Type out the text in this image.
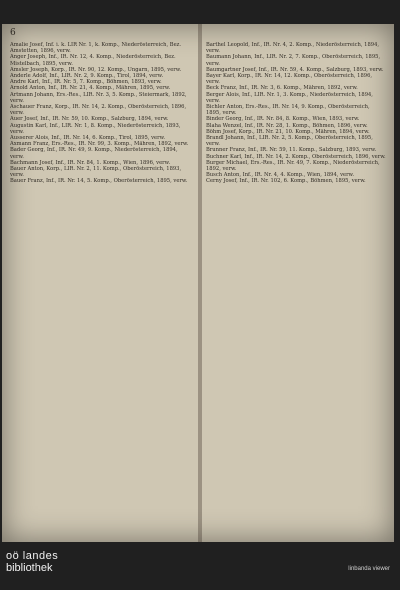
6

Amalie Josef, Inf. i. k. LIR Nr. 1, k. Komp., Niederösterreich, Bez. Amstetten, 1896, verw.

Anger Joseph, Inf., IR. Nr. 12, 4. Komp., Niederösterreich, Bez. Mistelbach, 1895, verw.

Amsler Joseph, Korp., IR. Nr. 90, 12. Komp., Ungarn, 1895, verw.

Anderle Adolf, Inf., LIR. Nr. 2, 9. Komp., Tirol, 1894, verw.

Andre Karl, Inf., IR. Nr. 5, 7. Komp., Böhmen, 1893, verw.

Arnold Anton, Inf., IR. Nr. 21, 4. Komp., Mähren, 1895, verw.

Artmann Johann, Ers.-Res., LIR. Nr. 3, 5. Komp., Steiermark, 1892, verw.

Aschauer Franz, Korp., IR. Nr. 14, 2. Komp., Oberösterreich, 1896, verw.

Auer Josef, Inf., IR. Nr. 59, 10. Komp., Salzburg, 1894, verw.

Augustin Karl, Inf., LIR. Nr. 1, 8. Komp., Niederösterreich, 1893, verw.

Ausserer Alois, Inf., IR. Nr. 14, 6. Komp., Tirol, 1895, verw.

Axmann Franz, Ers.-Res., IR. Nr. 99, 3. Komp., Mähren, 1892, verw.

Bader Georg, Inf., IR. Nr. 49, 9. Komp., Niederösterreich, 1894, verw.

Bachmann Josef, Inf., IR. Nr. 84, 1. Komp., Wien, 1896, verw.

Bauer Anton, Korp., LIR. Nr. 2, 11. Komp., Oberösterreich, 1893, verw.

Bauer Franz, Inf., IR. Nr. 14, 5. Komp., Oberösterreich, 1895, verw.

Barthel Leopold, Inf., IR. Nr. 4, 2. Komp., Niederösterreich, 1894, verw.

Baumann Johann, Inf., LIR. Nr. 2, 7. Komp., Oberösterreich, 1895, verw.

Baumgartner Josef, Inf., IR. Nr. 59, 4. Komp., Salzburg, 1893, verw.

Bayer Karl, Korp., IR. Nr. 14, 12. Komp., Oberösterreich, 1896, verw.

Beck Franz, Inf., IR. Nr. 3, 6. Komp., Mähren, 1892, verw.

Berger Alois, Inf., LIR. Nr. 1, 3. Komp., Niederösterreich, 1894, verw.

Bichler Anton, Ers.-Res., IR. Nr. 14, 9. Komp., Oberösterreich, 1895, verw.

Binder Georg, Inf., IR. Nr. 84, 8. Komp., Wien, 1893, verw.

Blaha Wenzel, Inf., IR. Nr. 28, 1. Komp., Böhmen, 1896, verw.

Böhm Josef, Korp., IR. Nr. 21, 10. Komp., Mähren, 1894, verw.

Brandl Johann, Inf., LIR. Nr. 2, 5. Komp., Oberösterreich, 1895, verw.

Brunner Franz, Inf., IR. Nr. 59, 11. Komp., Salzburg, 1893, verw.

Buchner Karl, Inf., IR. Nr. 14, 2. Komp., Oberösterreich, 1896, verw.

Burger Michael, Ers.-Res., IR. Nr. 49, 7. Komp., Niederösterreich, 1892, verw.

Busch Anton, Inf., IR. Nr. 4, 4. Komp., Wien, 1894, verw.

Cerny Josef, Inf., IR. Nr. 102, 6. Komp., Böhmen, 1895, verw.

oö landes
bibliothek	linbanda viewer
